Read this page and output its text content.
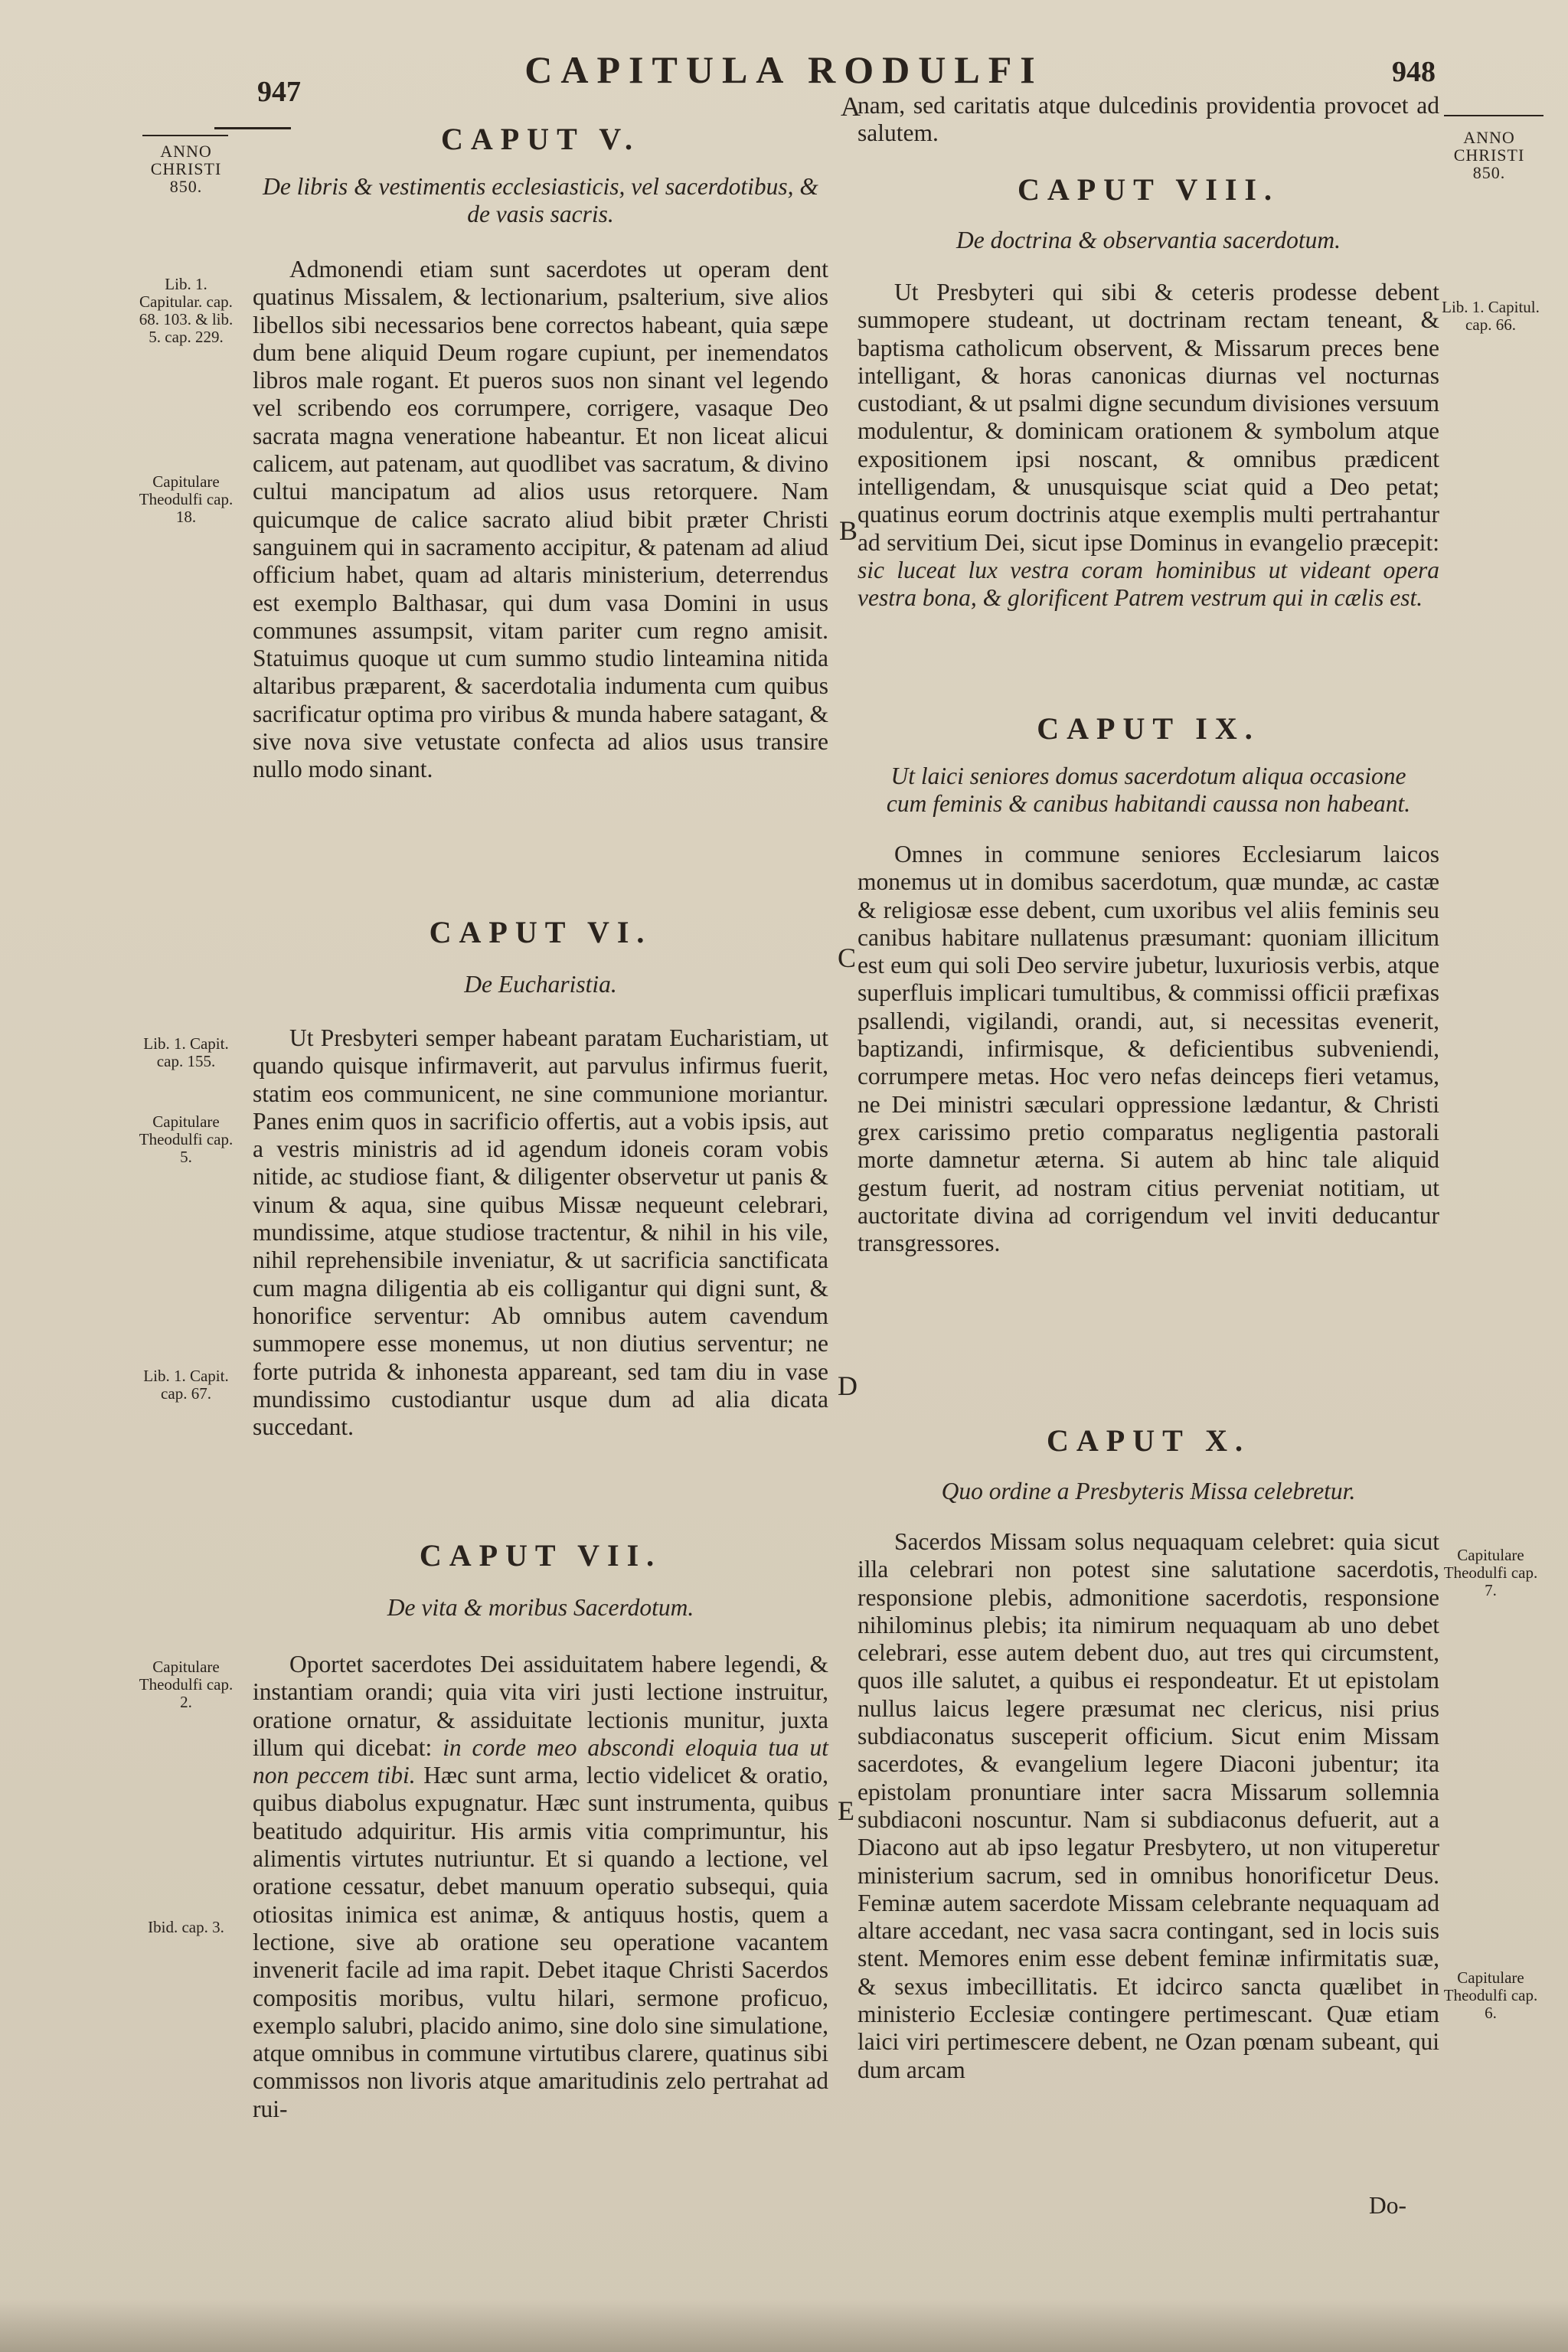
CAPITULA RODULFI
947
948
ANNO
CHRISTI
850.
ANNO
CHRISTI
850.
Lib. 1. Capitular. cap. 68. 103. & lib. 5. cap. 229.
Capitulare Theodulfi cap. 18.
Lib. 1. Capit. cap. 155.
Capitulare Theodulfi cap. 5.
Lib. 1. Capit. cap. 67.
Capitulare Theodulfi cap. 2.
Ibid. cap. 3.
Lib. 1. Capitul. cap. 66.
Capitulare Theodulfi cap. 7.
Capitulare Theodulfi cap. 6.
A
B
C
D
E
CAPUT V.

De libris & vestimentis ecclesiasticis, vel sacerdotibus, & de vasis sacris.

Admonendi etiam sunt sacerdotes ut operam dent quatinus Missalem, & lectionarium, psalterium, sive alios libellos sibi necessarios bene correctos habeant, quia sæpe dum bene aliquid Deum rogare cupiunt, per inemendatos libros male rogant. Et pueros suos non sinant vel legendo vel scribendo eos corrumpere, corrigere, vasaque Deo sacrata magna veneratione habeantur. Et non liceat alicui calicem, aut patenam, aut quodlibet vas sacratum, & divino cultui mancipatum ad alios usus retorquere. Nam quicumque de calice sacrato aliud bibit præter Christi sanguinem qui in sacramento accipitur, & patenam ad aliud officium habet, quam ad altaris ministerium, deterrendus est exemplo Balthasar, qui dum vasa Domini in usus communes assumpsit, vitam pariter cum regno amisit. Statuimus quoque ut cum summo studio linteamina nitida altaribus præparent, & sacerdotalia indumenta cum quibus sacrificatur optima pro viribus & munda habere satagant, & sive nova sive vetustate confecta ad alios usus transire nullo modo sinant.

CAPUT VI.

De Eucharistia.

Ut Presbyteri semper habeant paratam Eucharistiam, ut quando quisque infirmaverit, aut parvulus infirmus fuerit, statim eos communicent, ne sine communione moriantur. Panes enim quos in sacrificio offertis, aut a vobis ipsis, aut a vestris ministris ad id agendum idoneis coram vobis nitide, ac studiose fiant, & diligenter observetur ut panis & vinum & aqua, sine quibus Missæ nequeunt celebrari, mundissime, atque studiose tractentur, & nihil in his vile, nihil reprehensibile inveniatur, & ut sacrificia sanctificata cum magna diligentia ab eis colligantur qui digni sunt, & honorifice serventur: Ab omnibus autem cavendum summopere esse monemus, ut non diutius serventur; ne forte putrida & inhonesta appareant, sed tam diu in vase mundissimo custodiantur usque dum ad alia dicata succedant.

CAPUT VII.

De vita & moribus Sacerdotum.

Oportet sacerdotes Dei assiduitatem habere legendi, & instantiam orandi; quia vita viri justi lectione instruitur, oratione ornatur, & assiduitate lectionis munitur, juxta illum qui dicebat: in corde meo abscondi eloquia tua ut non peccem tibi. Hæc sunt arma, lectio videlicet & oratio, quibus diabolus expugnatur. Hæc sunt instrumenta, quibus beatitudo adquiritur. His armis vitia comprimuntur, his alimentis virtutes nutriuntur. Et si quando a lectione, vel oratione cessatur, debet manuum operatio subsequi, quia otiositas inimica est animæ, & antiquus hostis, quem a lectione, sive ab oratione seu operatione vacantem invenerit facile ad ima rapit. Debet itaque Christi Sacerdos compositis moribus, vultu hilari, sermone proficuo, exemplo salubri, placido animo, sine dolo sine simulatione, atque omnibus in commune virtutibus clarere, quatinus sibi commissos non livoris atque amaritudinis zelo pertrahat ad rui-

nam, sed caritatis atque dulcedinis providentia provocet ad salutem.

CAPUT VIII.

De doctrina & observantia sacerdotum.

Ut Presbyteri qui sibi & ceteris prodesse debent summopere studeant, ut doctrinam rectam teneant, & baptisma catholicum observent, & Missarum preces bene intelligant, & horas canonicas diurnas vel nocturnas custodiant, & ut psalmi digne secundum divisiones versuum modulentur, & dominicam orationem & symbolum atque expositionem ipsi noscant, & omnibus prædicent intelligendam, & unusquisque sciat quid a Deo petat; quatinus eorum doctrinis atque exemplis multi pertrahantur ad servitium Dei, sicut ipse Dominus in evangelio præcepit: sic luceat lux vestra coram hominibus ut videant opera vestra bona, & glorificent Patrem vestrum qui in cælis est.

CAPUT IX.

Ut laici seniores domus sacerdotum aliqua occasione cum feminis & canibus habitandi caussa non habeant.

Omnes in commune seniores Ecclesiarum laicos monemus ut in domibus sacerdotum, quæ mundæ, ac castæ & religiosæ esse debent, cum uxoribus vel aliis feminis seu canibus habitare nullatenus præsumant: quoniam illicitum est eum qui soli Deo servire jubetur, luxuriosis verbis, atque superfluis implicari tumultibus, & commissi officii præfixas psallendi, vigilandi, orandi, aut, si necessitas evenerit, baptizandi, infirmisque, & deficientibus subveniendi, corrumpere metas. Hoc vero nefas deinceps fieri vetamus, ne Dei ministri sæculari oppressione lædantur, & Christi grex carissimo pretio comparatus negligentia pastorali morte damnetur æterna. Si autem ab hinc tale aliquid gestum fuerit, ad nostram citius perveniat notitiam, ut auctoritate divina ad corrigendum vel inviti deducantur transgressores.

CAPUT X.

Quo ordine a Presbyteris Missa celebretur.

Sacerdos Missam solus nequaquam celebret: quia sicut illa celebrari non potest sine salutatione sacerdotis, responsione plebis, admonitione sacerdotis, responsione nihilominus plebis; ita nimirum nequaquam ab uno debet celebrari, esse autem debent duo, aut tres qui circumstent, quos ille salutet, a quibus ei respondeatur. Et ut epistolam nullus laicus legere præsumat nec clericus, nisi prius subdiaconatus susceperit officium. Sicut enim Missam sacerdotes, & evangelium legere Diaconi jubentur; ita epistolam pronuntiare inter sacra Missarum sollemnia subdiaconi noscuntur. Nam si subdiaconus defuerit, aut a Diacono aut ab ipso legatur Presbytero, ut non vituperetur ministerium sacrum, sed in omnibus honorificetur Deus. Feminæ autem sacerdote Missam celebrante nequaquam ad altare accedant, nec vasa sacra contingant, sed in locis suis stent. Memores enim esse debent feminæ infirmitatis suæ, & sexus imbecillitatis. Et idcirco sancta quælibet in ministerio Ecclesiæ contingere pertimescant. Quæ etiam laici viri pertimescere debent, ne Ozan pœnam subeant, qui dum arcam

Do-
